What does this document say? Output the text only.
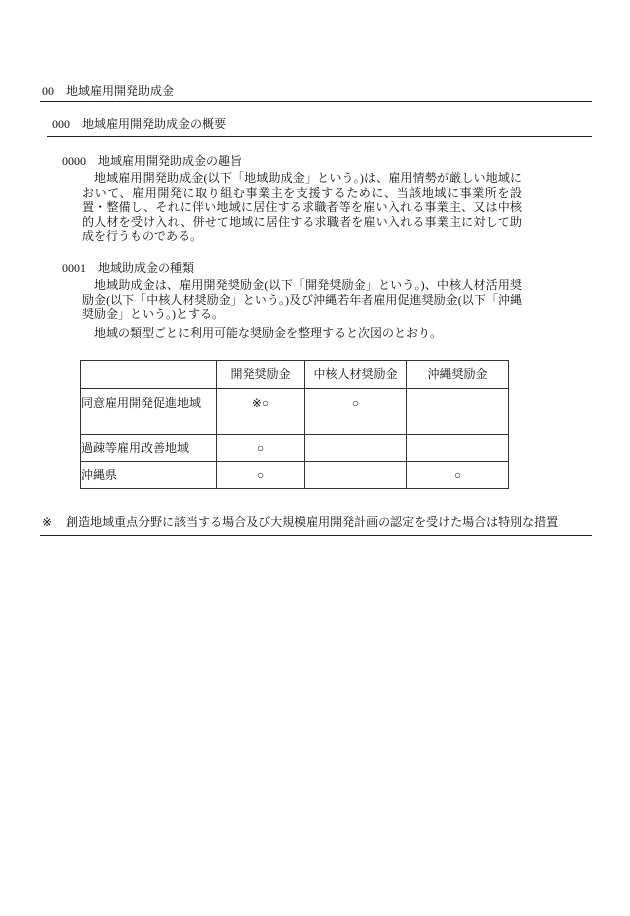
00 地域雇用開発助成金
000 地域雇用開発助成金の概要
0000 地域雇用開発助成金の趣旨

地域雇用開発助成金(以下「地域助成金」という。)は、雇用情勢が厳しい地域において、雇用開発に取り組む事業主を支援するために、当該地域に事業所を設置・整備し、それに伴い地域に居住する求職者等を雇い入れる事業主、又は中核的人材を受け入れ、併せて地域に居住する求職者を雇い入れる事業主に対して助成を行うものである。

0001 地域助成金の種類

地域助成金は、雇用開発奨励金(以下「開発奨励金」という。)、中核人材活用奨励金(以下「中核人材奨励金」という。)及び沖縄若年者雇用促進奨励金(以下「沖縄奨励金」という。)とする。

地域の類型ごとに利用可能な奨励金を整理すると次図のとおり。

	開発奨励金	中核人材奨励金	沖縄奨励金
同意雇用開発促進地域	※○	○	
過疎等雇用改善地域	○		
沖縄県	○		○
※ 創造地域重点分野に該当する場合及び大規模雇用開発計画の認定を受けた場合は特別な措置
